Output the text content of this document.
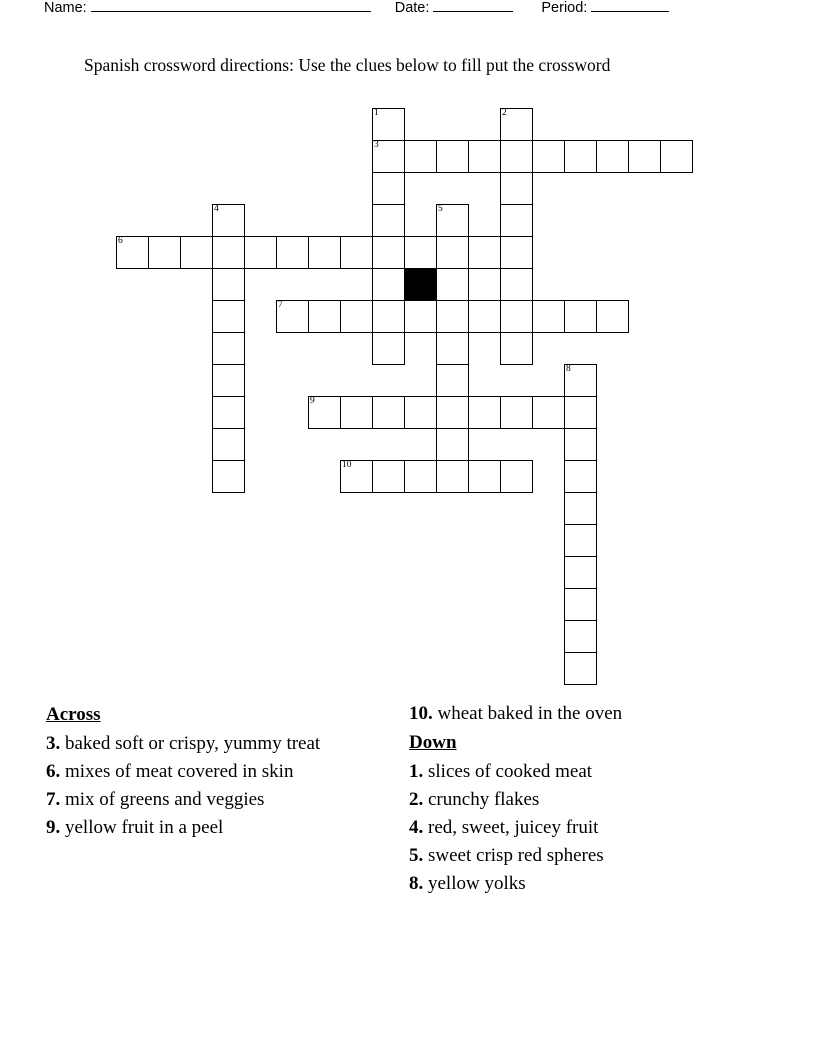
Name:	Date:	Period:
Spanish crossword directions: Use the clues below to fill put the crossword
1	2
3
4	5
6
7
8
9
10
Across

3. baked soft or crispy, yummy treat

6. mixes of meat covered in skin

7. mix of greens and veggies

9. yellow fruit in a peel

10. wheat baked in the oven

Down

1. slices of cooked meat

2. crunchy flakes

4. red, sweet, juicey fruit

5. sweet crisp red spheres

8. yellow yolks
